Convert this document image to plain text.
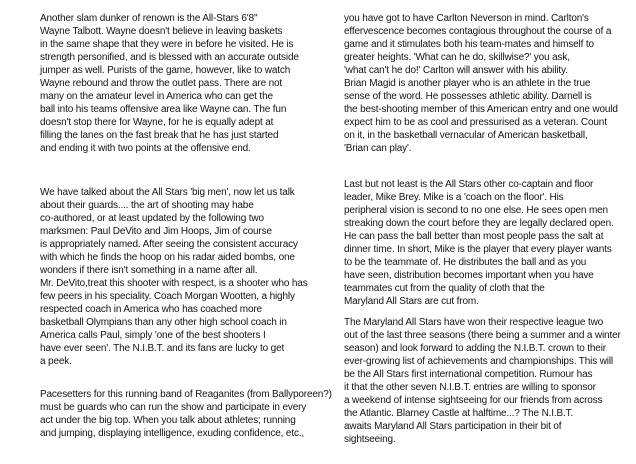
Another slam dunker of renown is the All-Stars 6'8''
Wayne Talbott. Wayne doesn't believe in leaving baskets
in the same shape that they were in before he visited. He is
strength personified, and is blessed with an accurate outside
jumper as well. Purists of the game, however, like to watch
Wayne rebound and throw the outlet pass. There are not
many on the amateur level in America who can get the
ball into his teams offensive area like Wayne can. The fun
doesn't stop there for Wayne, for he is equally adept at
filling the lanes on the fast break that he has just started
and ending it with two points at the offensive end.
We have talked about the All Stars 'big men', now let us talk
about their guards.... the art of shooting may habe
co-authored, or at least updated by the following two
marksmen: Paul DeVito and Jim Hoops, Jim of course
is appropriately named. After seeing the consistent accuracy
with which he finds the hoop on his radar aided bombs, one
wonders if there isn't something in a name after all.
Mr. DeVito,treat this shooter with respect, is a shooter who has
few peers in his speciality. Coach Morgan Wootten, a highly
respected coach in America who has coached more
basketball Olympians than any other high school coach in
America calls Paul, simply 'one of the best shooters I
have ever seen'. The N.I.B.T. and its fans are lucky to get
a peek.
Pacesetters for this running band of Reaganites (from Ballyporeen?)
must be guards who can run the show and participate in every
act under the big top. When you talk about athletes; running
and jumping, displaying intelligence, exuding confidence, etc.,
you have got to have Carlton Neverson in mind. Carlton's
effervescence becomes contagious throughout the course of a
game and it stimulates both his team-mates and himself to
greater heights. 'What can he do, skillwise?' you ask,
'what can't he do!' Carlton will answer with his ability.
Brian Magid is another player who is an athlete in the true
sense of the word. He possesses athletic ability. Darnell is
the best-shooting member of this American entry and one would
expect him to be as cool and pressurised as a veteran. Count
on it, in the basketball vernacular of American basketball,
'Brian can play'.
Last but not least is the All Stars other co-captain and floor
leader, Mike Brey. Mike is a 'coach on the floor'. His
peripheral vision is second to no one else. He sees open men
streaking down the court before they are legally declared open.
He can pass the ball better than most people pass the salt at
dinner time. In short, Mike is the player that every player wants
to be the teammate of. He distributes the ball and as you
have seen, distribution becomes important when you have
teammates cut from the quality of cloth that the
Maryland All Stars are cut from.
The Maryland All Stars have won their respective league two
out of the last three seasons (there being a summer and a winter
season) and look forward to adding the N.I.B.T. crown to their
ever-growing list of achievements and championships. This will
be the All Stars first international competition. Rumour has
it that the other seven N.I.B.T. entries are willing to sponsor
a weekend of intense sightseeing for our friends from across
the Atlantic. Blarney Castle at halftime...? The N.I.B.T.
awaits Maryland All Stars participation in their bit of
sightseeing.
